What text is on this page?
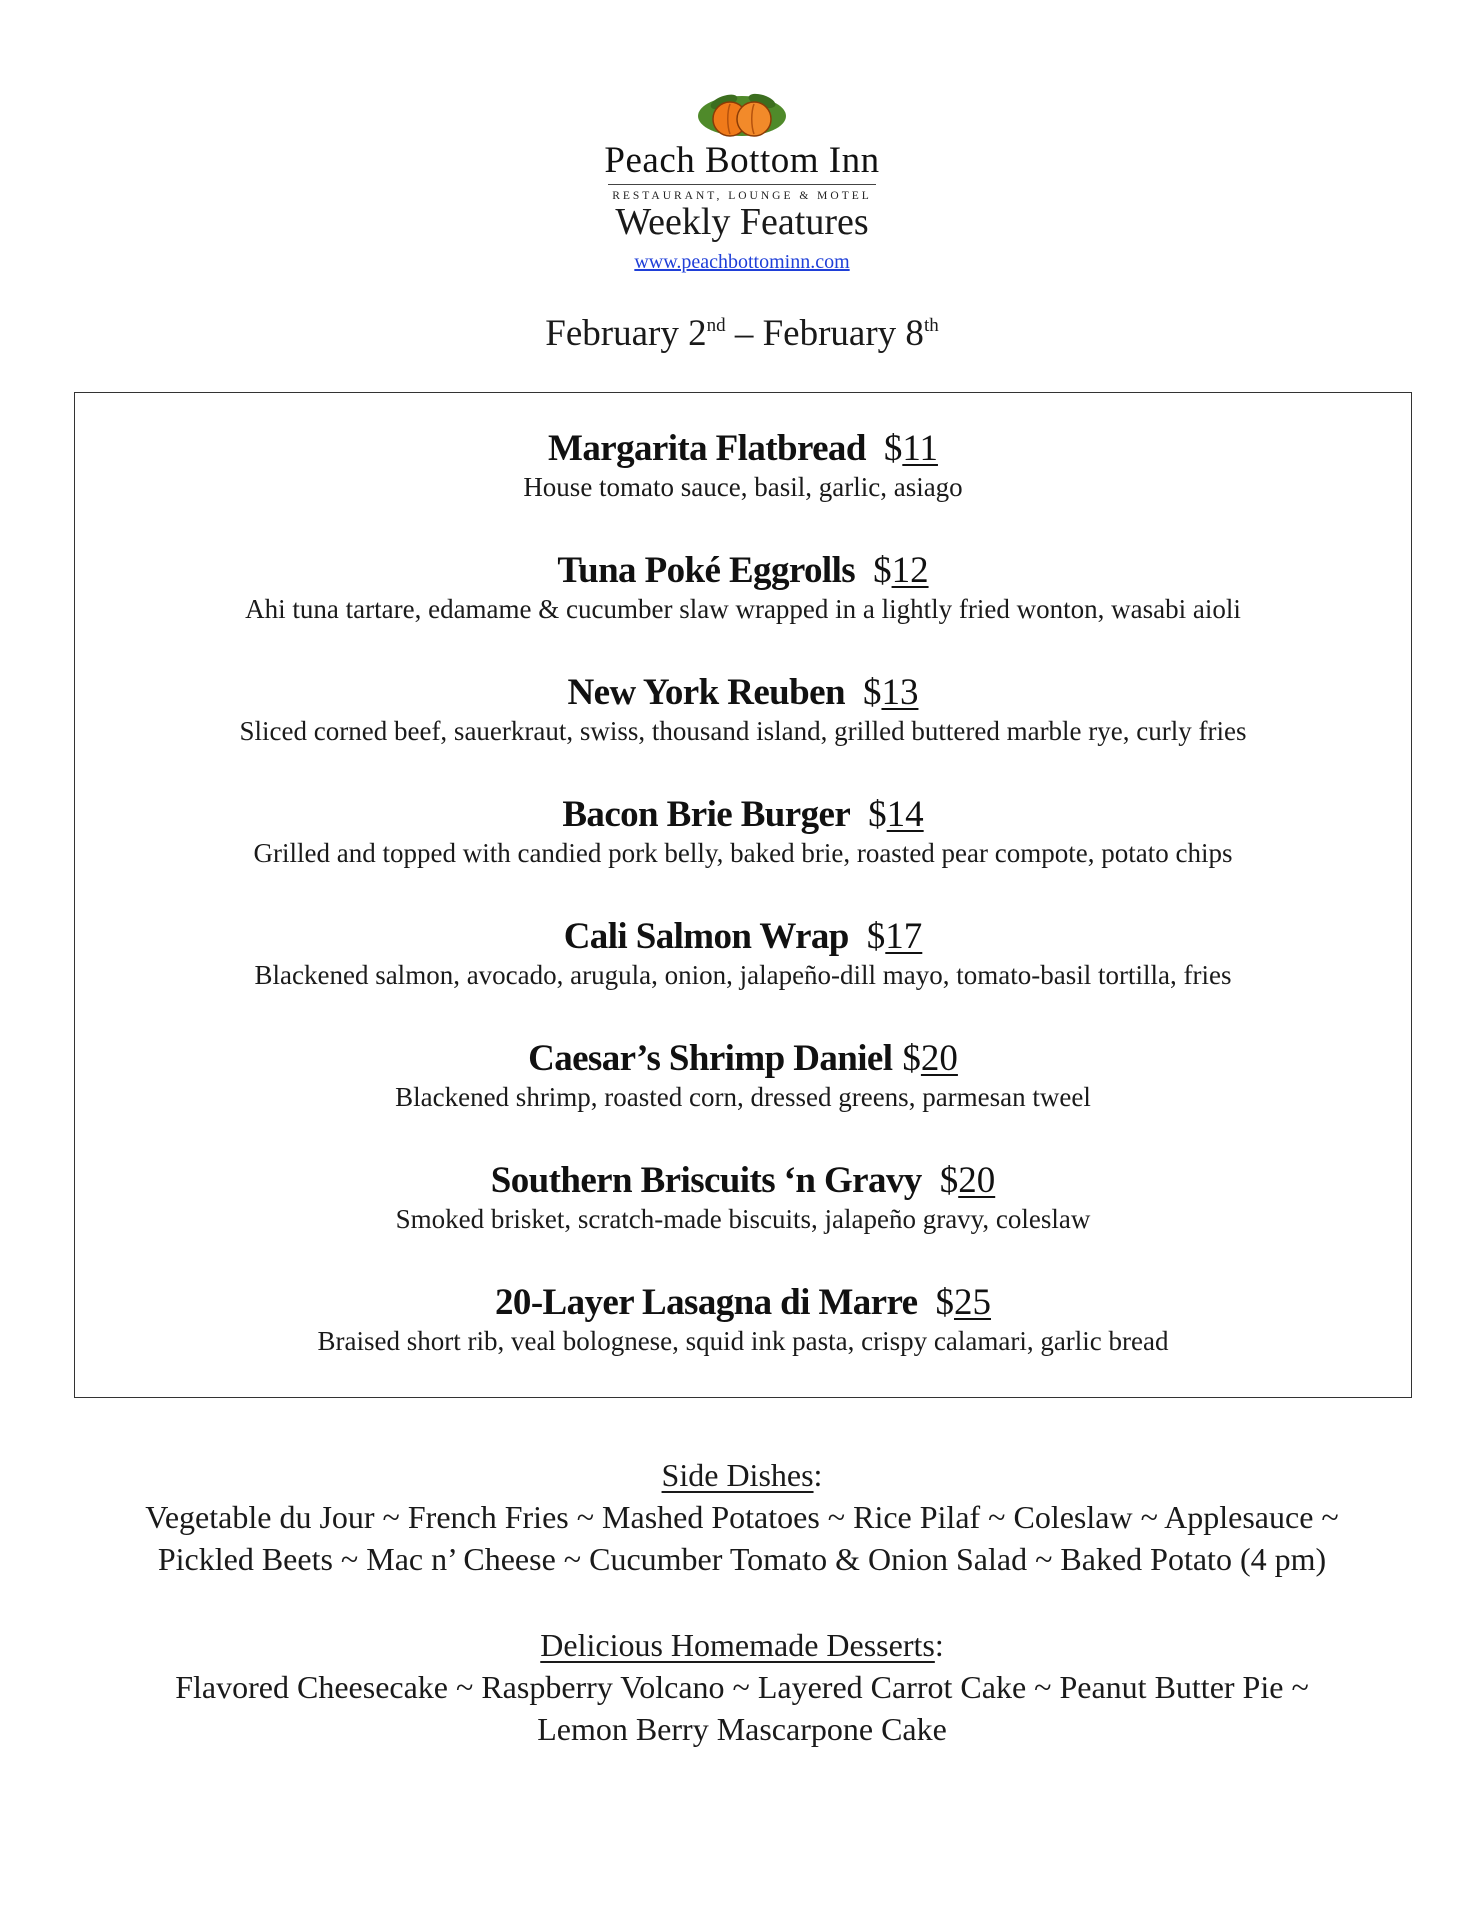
Peach Bottom Inn
RESTAURANT, LOUNGE & MOTEL
Weekly Features
www.peachbottominn.com
February 2nd – February 8th
Margarita Flatbread $11
House tomato sauce, basil, garlic, asiago
Tuna Poké Eggrolls $12
Ahi tuna tartare, edamame & cucumber slaw wrapped in a lightly fried wonton, wasabi aioli
New York Reuben $13
Sliced corned beef, sauerkraut, swiss, thousand island, grilled buttered marble rye, curly fries
Bacon Brie Burger $14
Grilled and topped with candied pork belly, baked brie, roasted pear compote, potato chips
Cali Salmon Wrap $17
Blackened salmon, avocado, arugula, onion, jalapeño-dill mayo, tomato-basil tortilla, fries
Caesar’s Shrimp Daniel $20
Blackened shrimp, roasted corn, dressed greens, parmesan tweel
Southern Briscuits ‘n Gravy $20
Smoked brisket, scratch-made biscuits, jalapeño gravy, coleslaw
20-Layer Lasagna di Marre $25
Braised short rib, veal bolognese, squid ink pasta, crispy calamari, garlic bread
Side Dishes:
Vegetable du Jour ~ French Fries ~ Mashed Potatoes ~ Rice Pilaf ~ Coleslaw ~ Applesauce ~
Pickled Beets ~ Mac n’ Cheese ~ Cucumber Tomato & Onion Salad ~ Baked Potato (4 pm)
Delicious Homemade Desserts:
Flavored Cheesecake ~ Raspberry Volcano ~ Layered Carrot Cake ~ Peanut Butter Pie ~
Lemon Berry Mascarpone Cake
